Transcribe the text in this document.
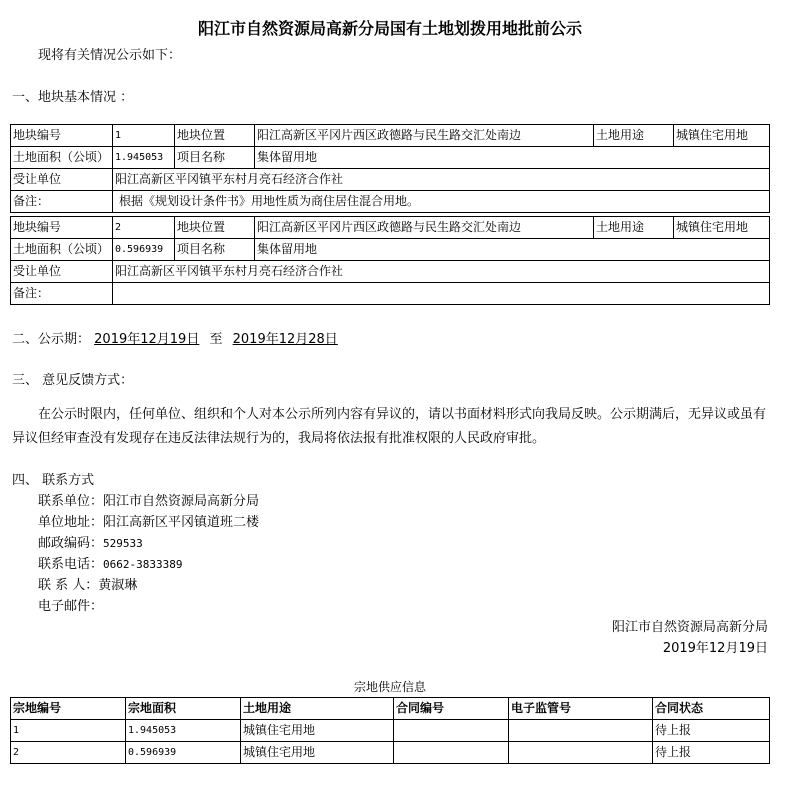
阳江市自然资源局高新分局国有土地划拨用地批前公示
现将有关情况公示如下：
一、地块基本情况 ：
地块编号	1	地块位置	阳江高新区平冈片西区政德路与民生路交汇处南边	土地用途	城镇住宅用地
土地面积（公顷）	1.945053	项目名称	集体留用地		
受让单位	阳江高新区平冈镇平东村月亮石经济合作社				
备注：	根据《规划设计条件书》用地性质为商住居住混合用地。				
地块编号	2	地块位置	阳江高新区平冈片西区政德路与民生路交汇处南边	土地用途	城镇住宅用地
土地面积（公顷）	0.596939	项目名称	集体留用地		
受让单位	阳江高新区平冈镇平东村月亮石经济合作社				
备注：					
二、公示期： 2019年12月19日 至 2019年12月28日
三、 意见反馈方式：
在公示时限内，任何单位、组织和个人对本公示所列内容有异议的，请以书面材料形式向我局反映。公示期满后，无异议或虽有异议但经审查没有发现存在违反法律法规行为的，我局将依法报有批准权限的人民政府审批。
四、 联系方式
联系单位：阳江市自然资源局高新分局
单位地址：阳江高新区平冈镇道班二楼
邮政编码：529533
联系电话：0662-3833389
联 系 人：黄淑琳
电子邮件：
阳江市自然资源局高新分局
2019年12月19日
宗地供应信息
宗地编号	宗地面积	土地用途	合同编号	电子监管号	合同状态
1	1.945053	城镇住宅用地			待上报
2	0.596939	城镇住宅用地			待上报
